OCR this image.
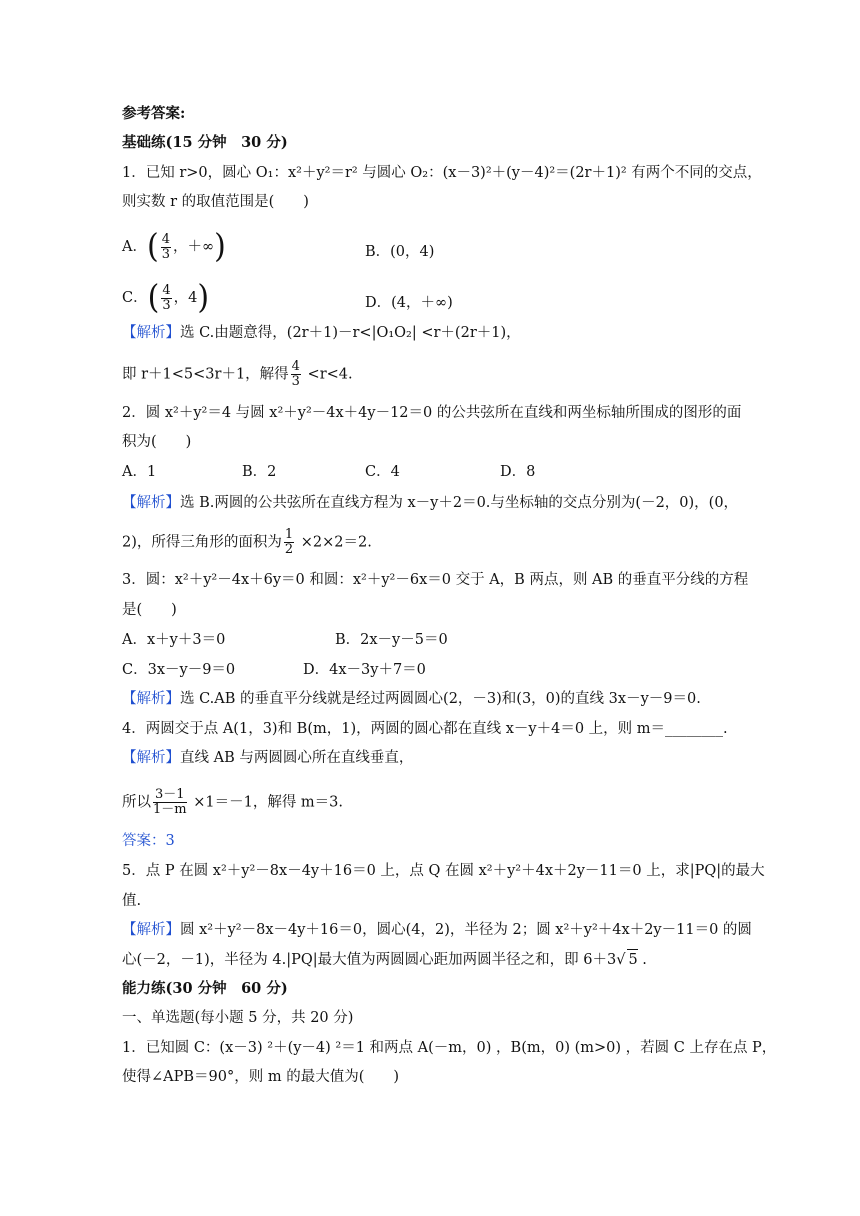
参考答案:
基础练(15 分钟　30 分)
1．已知 r>0，圆心 O₁：x²＋y²＝r² 与圆心 O₂：(x－3)²＋(y－4)²＝(2r＋1)² 有两个不同的交点，
则实数 r 的取值范围是(　　)
A．( $\frac{4}{3}$ ，＋∞)	B．(0，4)
C．( $\frac{4}{3}$ ，4)	D．(4，＋∞)
【解析】选 C.由题意得，(2r＋1)－r<|O₁O₂| <r＋(2r＋1)，
即 r＋1<5<3r＋1，解得 $\frac{4}{3} <r<4$.
2．圆 x²＋y²＝4 与圆 x²＋y²－4x＋4y－12＝0 的公共弦所在直线和两坐标轴所围成的图形的面
积为(　　)
A．1	B．2	C．4	D．8
【解析】选 B.两圆的公共弦所在直线方程为 x－y＋2＝0.与坐标轴的交点分别为(－2，0)，(0，
2)，所得三角形的面积为 $\frac{1}{2} \times 2\times 2=2$.
3．圆：x²＋y²－4x＋6y＝0 和圆：x²＋y²－6x＝0 交于 A，B 两点，则 AB 的垂直平分线的方程
是(　　)
A．x＋y＋3＝0	B．2x－y－5＝0
C．3x－y－9＝0	D．4x－3y＋7＝0
【解析】选 C.AB 的垂直平分线就是经过两圆圆心(2，－3)和(3，0)的直线 3x－y－9＝0.
4．两圆交于点 A(1，3)和 B(m，1)，两圆的圆心都在直线 x－y＋4＝0 上，则 m＝________.
【解析】直线 AB 与两圆圆心所在直线垂直，
所以 $\frac{3-1}{1-m} \times 1=-1$，解得 m＝3.
答案：3
5．点 P 在圆 x²＋y²－8x－4y＋16＝0 上，点 Q 在圆 x²＋y²＋4x＋2y－11＝0 上，求|PQ|的最大
值.
【解析】圆 x²＋y²－8x－4y＋16＝0，圆心(4，2)，半径为 2；圆 x²＋y²＋4x＋2y－11＝0 的圆
心(－2，－1)，半径为 4.|PQ|最大值为两圆圆心距加两圆半径之和，即 6＋3√ 5 .
能力练(30 分钟　60 分)
一、单选题(每小题 5 分，共 20 分)
1．已知圆 C：(x－3) ²＋(y－4) ²＝1 和两点 A(－m，0) ，B(m，0) (m>0) ，若圆 C 上存在点 P，
使得∠APB＝90°，则 m 的最大值为(　　)
